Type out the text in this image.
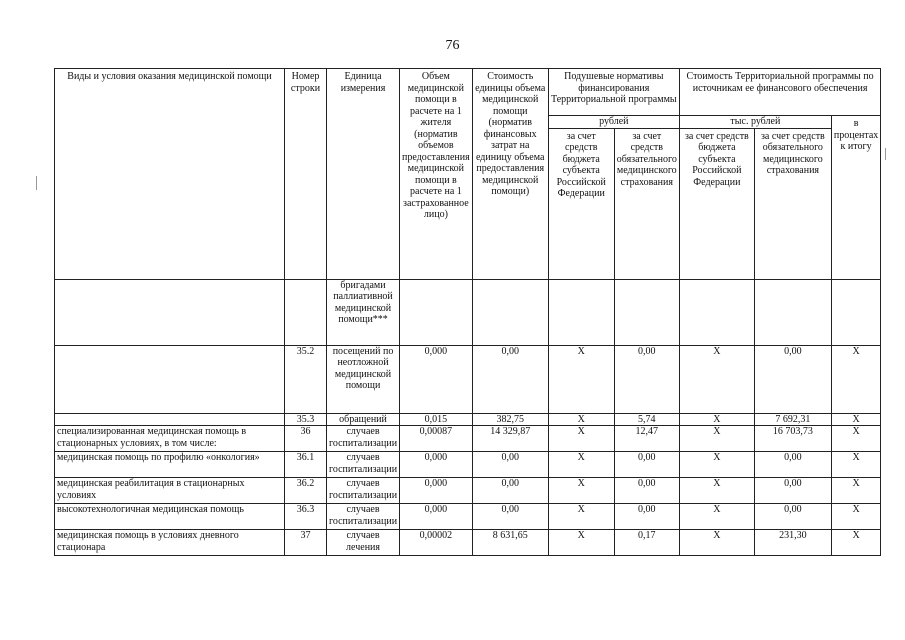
76
Виды и условия оказания медицинской помощи	Номер строки	Единица измерения	Объем медицинской помощи в расчете на 1 жителя (норматив объемов предоставления медицинской помощи в расчете на 1 застрахованное лицо)	Стоимость единицы объема медицинской помощи (норматив финансовых затрат на единицу объема предоставления медицинской помощи)	Подушевые нормативы финансирования Территориальной программы		Стоимость Территориальной программы по источникам ее финансового обеспечения		
					рублей		тыс. рублей		в процентах к итогу
					за счет средств бюджета субъекта Российской Федерации	за счет средств обязательного медицинского страхования	за счет средств бюджета субъекта Российской Федерации	за счет средств обязательного медицинского страхования	
		бригадами паллиативной медицинской помощи***							
	35.2	посещений по неотложной медицинской помощи	0,000	0,00	Х	0,00	Х	0,00	Х
	35.3	обращений	0,015	382,75	Х	5,74	Х	7 692,31	Х
специализированная медицинская помощь в стационарных условиях, в том числе:	36	случаев госпитализации	0,00087	14 329,87	Х	12,47	Х	16 703,73	Х
медицинская помощь по профилю «онкология»	36.1	случаев госпитализации	0,000	0,00	Х	0,00	Х	0,00	Х
медицинская реабилитация в стационарных условиях	36.2	случаев госпитализации	0,000	0,00	Х	0,00	Х	0,00	Х
высокотехнологичная медицинская помощь	36.3	случаев госпитализации	0,000	0,00	Х	0,00	Х	0,00	Х
медицинская помощь в условиях дневного стационара	37	случаев лечения	0,00002	8 631,65	Х	0,17	Х	231,30	Х
